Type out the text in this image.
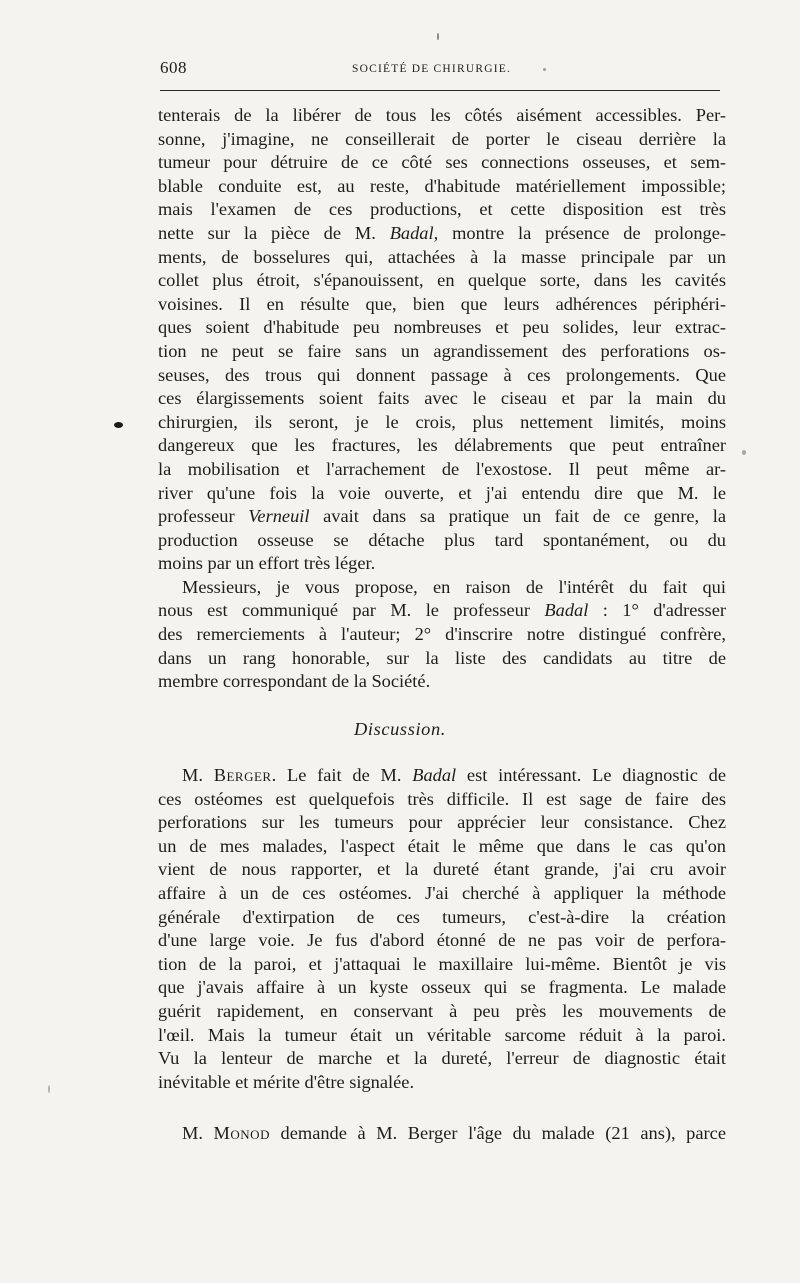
608	SOCIÉTÉ DE CHIRURGIE.

tenterais de la libérer de tous les côtés aisément accessibles. Per-
sonne, j'imagine, ne conseillerait de porter le ciseau derrière la
tumeur pour détruire de ce côté ses connections osseuses, et sem-
blable conduite est, au reste, d'habitude matériellement impossible;
mais l'examen de ces productions, et cette disposition est très
nette sur la pièce de M. Badal, montre la présence de prolonge-
ments, de bosselures qui, attachées à la masse principale par un
collet plus étroit, s'épanouissent, en quelque sorte, dans les cavités
voisines. Il en résulte que, bien que leurs adhérences périphéri-
ques soient d'habitude peu nombreuses et peu solides, leur extrac-
tion ne peut se faire sans un agrandissement des perforations os-
seuses, des trous qui donnent passage à ces prolongements. Que
ces élargissements soient faits avec le ciseau et par la main du
chirurgien, ils seront, je le crois, plus nettement limités, moins
dangereux que les fractures, les délabrements que peut entraîner
la mobilisation et l'arrachement de l'exostose. Il peut même ar-
river qu'une fois la voie ouverte, et j'ai entendu dire que M. le
professeur Verneuil avait dans sa pratique un fait de ce genre, la
production osseuse se détache plus tard spontanément, ou du
moins par un effort très léger.

Messieurs, je vous propose, en raison de l'intérêt du fait qui
nous est communiqué par M. le professeur Badal : 1° d'adresser
des remerciements à l'auteur; 2° d'inscrire notre distingué confrère,
dans un rang honorable, sur la liste des candidats au titre de
membre correspondant de la Société.

Discussion.

M. Berger. Le fait de M. Badal est intéressant. Le diagnostic de
ces ostéomes est quelquefois très difficile. Il est sage de faire des
perforations sur les tumeurs pour apprécier leur consistance. Chez
un de mes malades, l'aspect était le même que dans le cas qu'on
vient de nous rapporter, et la dureté étant grande, j'ai cru avoir
affaire à un de ces ostéomes. J'ai cherché à appliquer la méthode
générale d'extirpation de ces tumeurs, c'est-à-dire la création
d'une large voie. Je fus d'abord étonné de ne pas voir de perfora-
tion de la paroi, et j'attaquai le maxillaire lui-même. Bientôt je vis
que j'avais affaire à un kyste osseux qui se fragmenta. Le malade
guérit rapidement, en conservant à peu près les mouvements de
l'œil. Mais la tumeur était un véritable sarcome réduit à la paroi.
Vu la lenteur de marche et la dureté, l'erreur de diagnostic était
inévitable et mérite d'être signalée.

M. Monod demande à M. Berger l'âge du malade (21 ans), parce
